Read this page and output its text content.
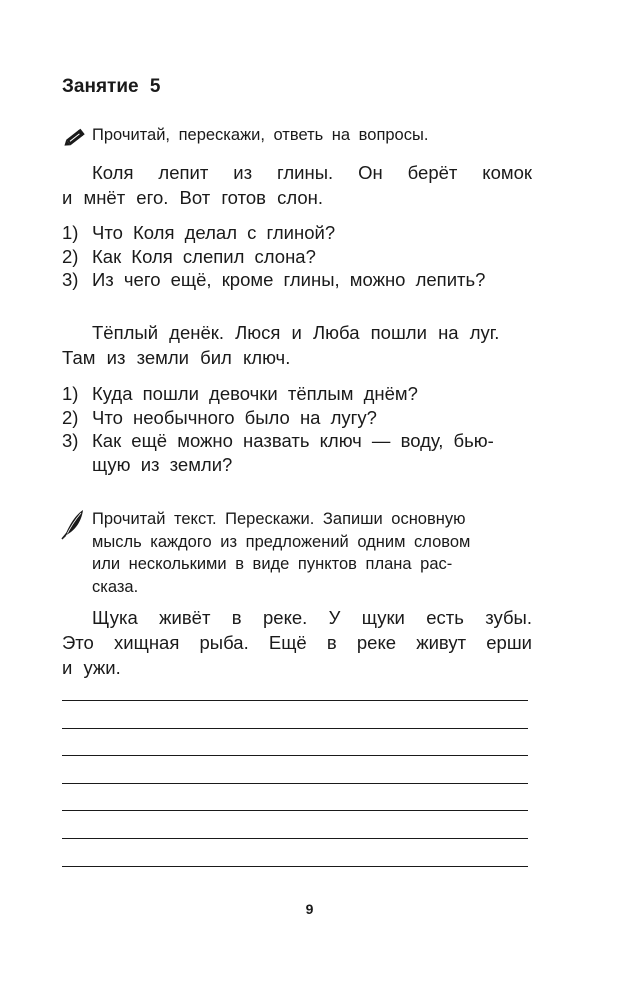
Занятие 5
Прочитай, перескажи, ответь на вопросы.
Коля лепит из глины. Он берёт комок
и мнёт его. Вот готов слон.
1) Что Коля делал с глиной?
2) Как Коля слепил слона?
3) Из чего ещё, кроме глины, можно лепить?
Тёплый денёк. Люся и Люба пошли на луг.
Там из земли бил ключ.
1) Куда пошли девочки тёплым днём?
2) Что необычного было на лугу?
3) Как ещё можно назвать ключ — воду, бью-
щую из земли?
Прочитай текст. Перескажи. Запиши основную
мысль каждого из предложений одним словом
или несколькими в виде пунктов плана рас-
сказа.
Щука живёт в реке. У щуки есть зубы.
Это хищная рыба. Ещё в реке живут ерши
и ужи.
9
